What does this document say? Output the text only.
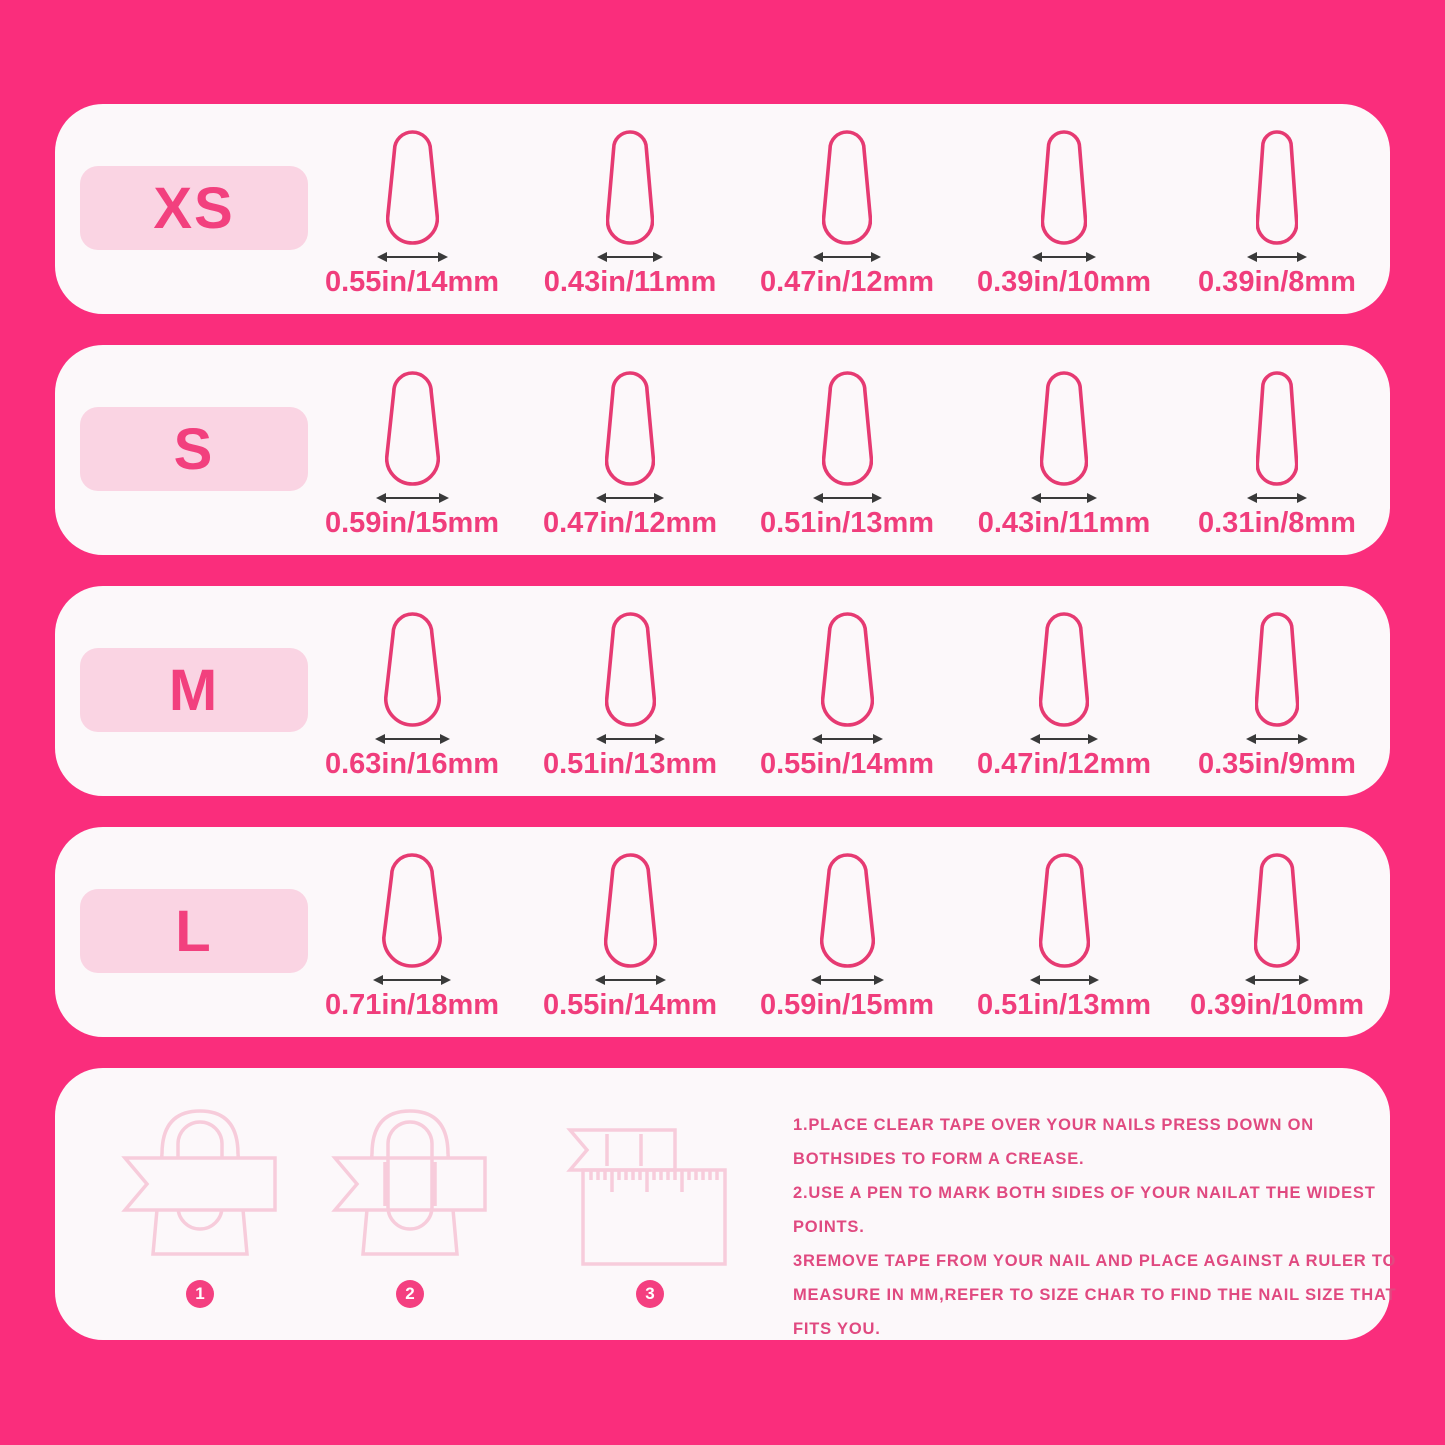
XS
0.55in/14mm 0.43in/11mm 0.47in/12mm 0.39in/10mm 0.39in/8mm
S
0.59in/15mm 0.47in/12mm 0.51in/13mm 0.43in/11mm 0.31in/8mm
M
0.63in/16mm 0.51in/13mm 0.55in/14mm 0.47in/12mm 0.35in/9mm
L
0.71in/18mm 0.55in/14mm 0.59in/15mm 0.51in/13mm 0.39in/10mm
1	2	3
1.PLACE CLEAR TAPE OVER YOUR NAILS PRESS DOWN ON BOTHSIDES TO FORM A CREASE.
2.USE A PEN TO MARK BOTH SIDES OF YOUR NAILAT THE WIDEST POINTS.
3REMOVE TAPE FROM YOUR NAIL AND PLACE AGAINST A RULER TO MEASURE IN MM,REFER TO SIZE CHAR TO FIND THE NAIL SIZE THAT FITS YOU.
